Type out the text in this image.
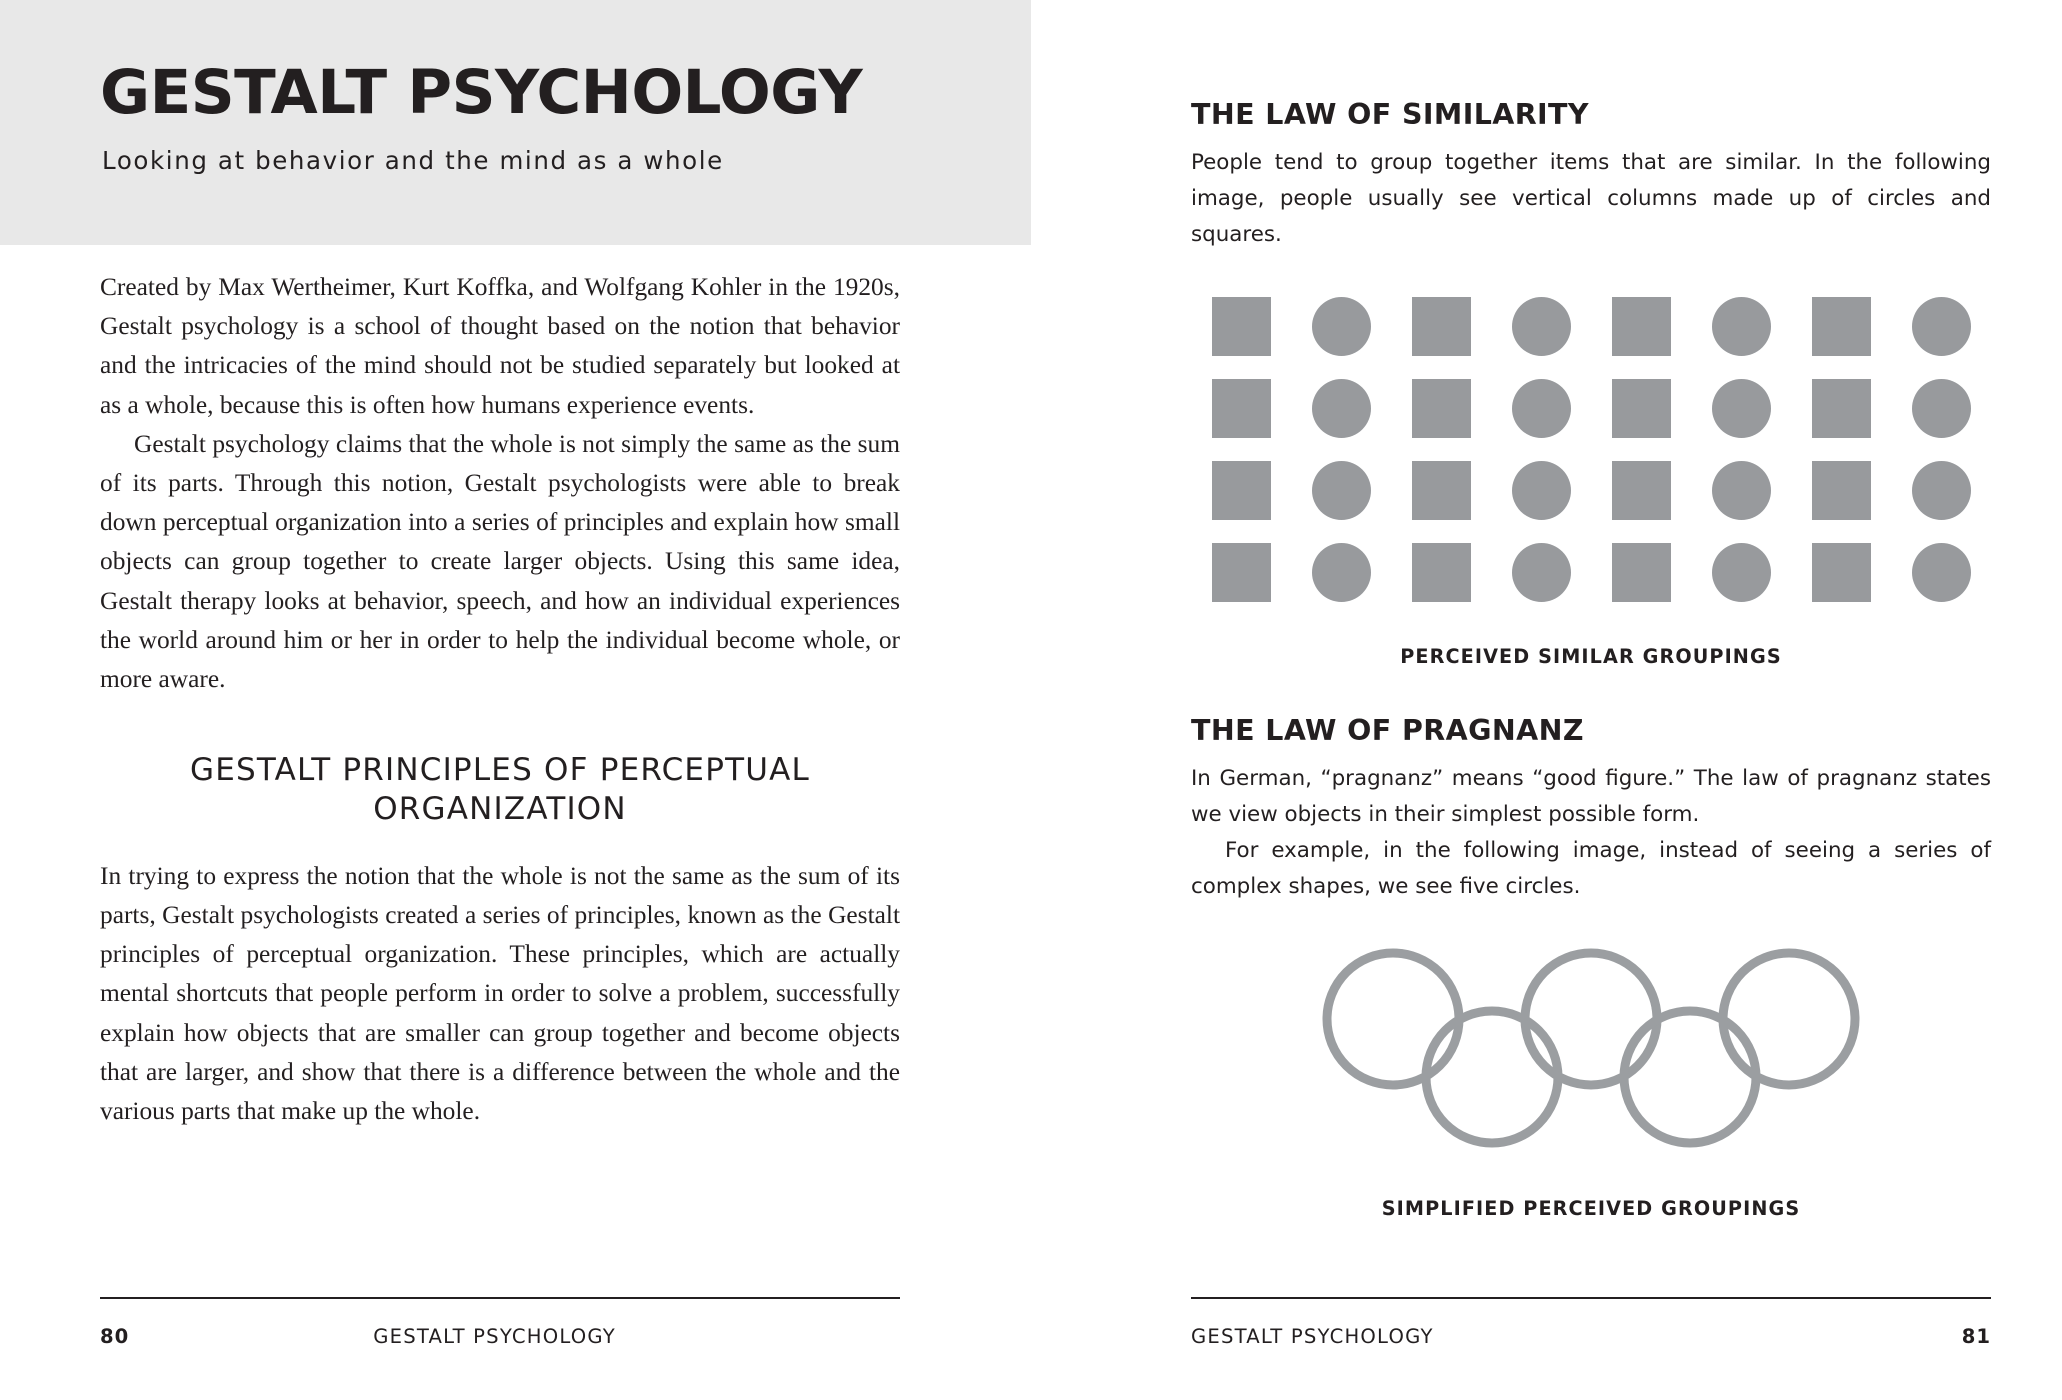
GESTALT PSYCHOLOGY
Looking at behavior and the mind as a whole

Created by Max Wertheimer, Kurt Koffka, and Wolfgang Kohler in the 1920s, Gestalt psychology is a school of thought based on the notion that behavior and the intricacies of the mind should not be studied separately but looked at as a whole, because this is often how humans experience events.

Gestalt psychology claims that the whole is not simply the same as the sum of its parts. Through this notion, Gestalt psychologists were able to break down perceptual organization into a series of principles and explain how small objects can group together to create larger objects. Using this same idea, Gestalt therapy looks at behavior, speech, and how an individual experiences the world around him or her in order to help the individual become whole, or more aware.

GESTALT PRINCIPLES OF PERCEPTUAL ORGANIZATION

In trying to express the notion that the whole is not the same as the sum of its parts, Gestalt psychologists created a series of principles, known as the Gestalt principles of perceptual organization. These principles, which are actually mental shortcuts that people perform in order to solve a problem, successfully explain how objects that are smaller can group together and become objects that are larger, and show that there is a difference between the whole and the various parts that make up the whole.

80	GESTALT PSYCHOLOGY
THE LAW OF SIMILARITY

People tend to group together items that are similar. In the following image, people usually see vertical columns made up of circles and squares.

PERCEIVED SIMILAR GROUPINGS

THE LAW OF PRAGNANZ

In German, “pragnanz” means “good figure.” The law of pragnanz states we view objects in their simplest possible form.

For example, in the following image, instead of seeing a series of complex shapes, we see five circles.

SIMPLIFIED PERCEIVED GROUPINGS

GESTALT PSYCHOLOGY	81
